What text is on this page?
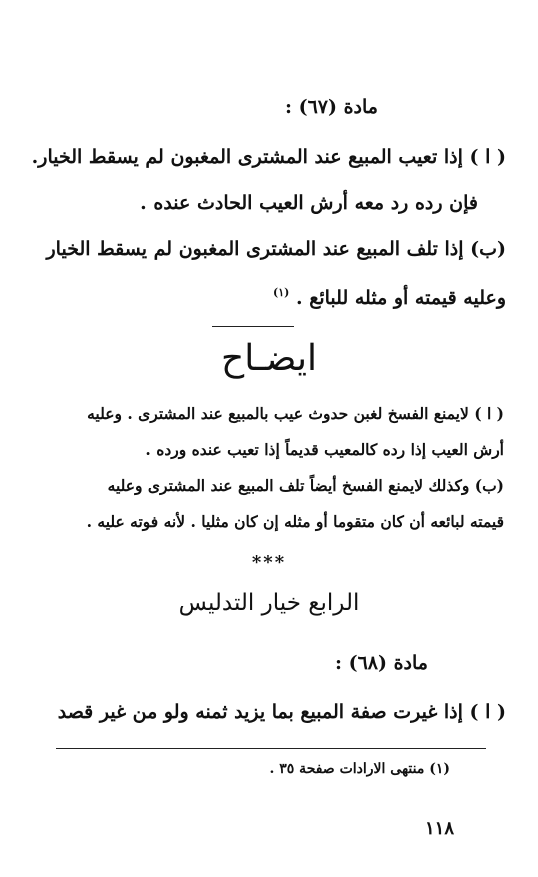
مادة (٦٧) :
( ا ) إذا تعيب المبيع عند المشترى المغبون لم يسقط الخيار.
فإن رده رد معه أرش العيب الحادث عنده .
(ب) إذا تلف المبيع عند المشترى المغبون لم يسقط الخيار
وعليه قيمته أو مثله للبائع . $^{(١)}$
ايضـاح
( ا ) لايمنع الفسخ لغبن حدوث عيب بالمبيع عند المشترى . وعليه
أرش العيب إذا رده كالمعيب قديماً إذا تعيب عنده ورده .
(ب) وكذلك لايمنع الفسخ أيضاً تلف المبيع عند المشترى وعليه
قيمته لبائعه أن كان متقوما أو مثله إن كان مثليا . لأنه فوته عليه .
***
الرابع خيار التدليس
مادة (٦٨) :
( ا ) إذا غيرت صفة المبيع بما يزيد ثمنه ولو من غير قصد
(١) منتهى الارادات صفحة ٣٥ .
١١٨
